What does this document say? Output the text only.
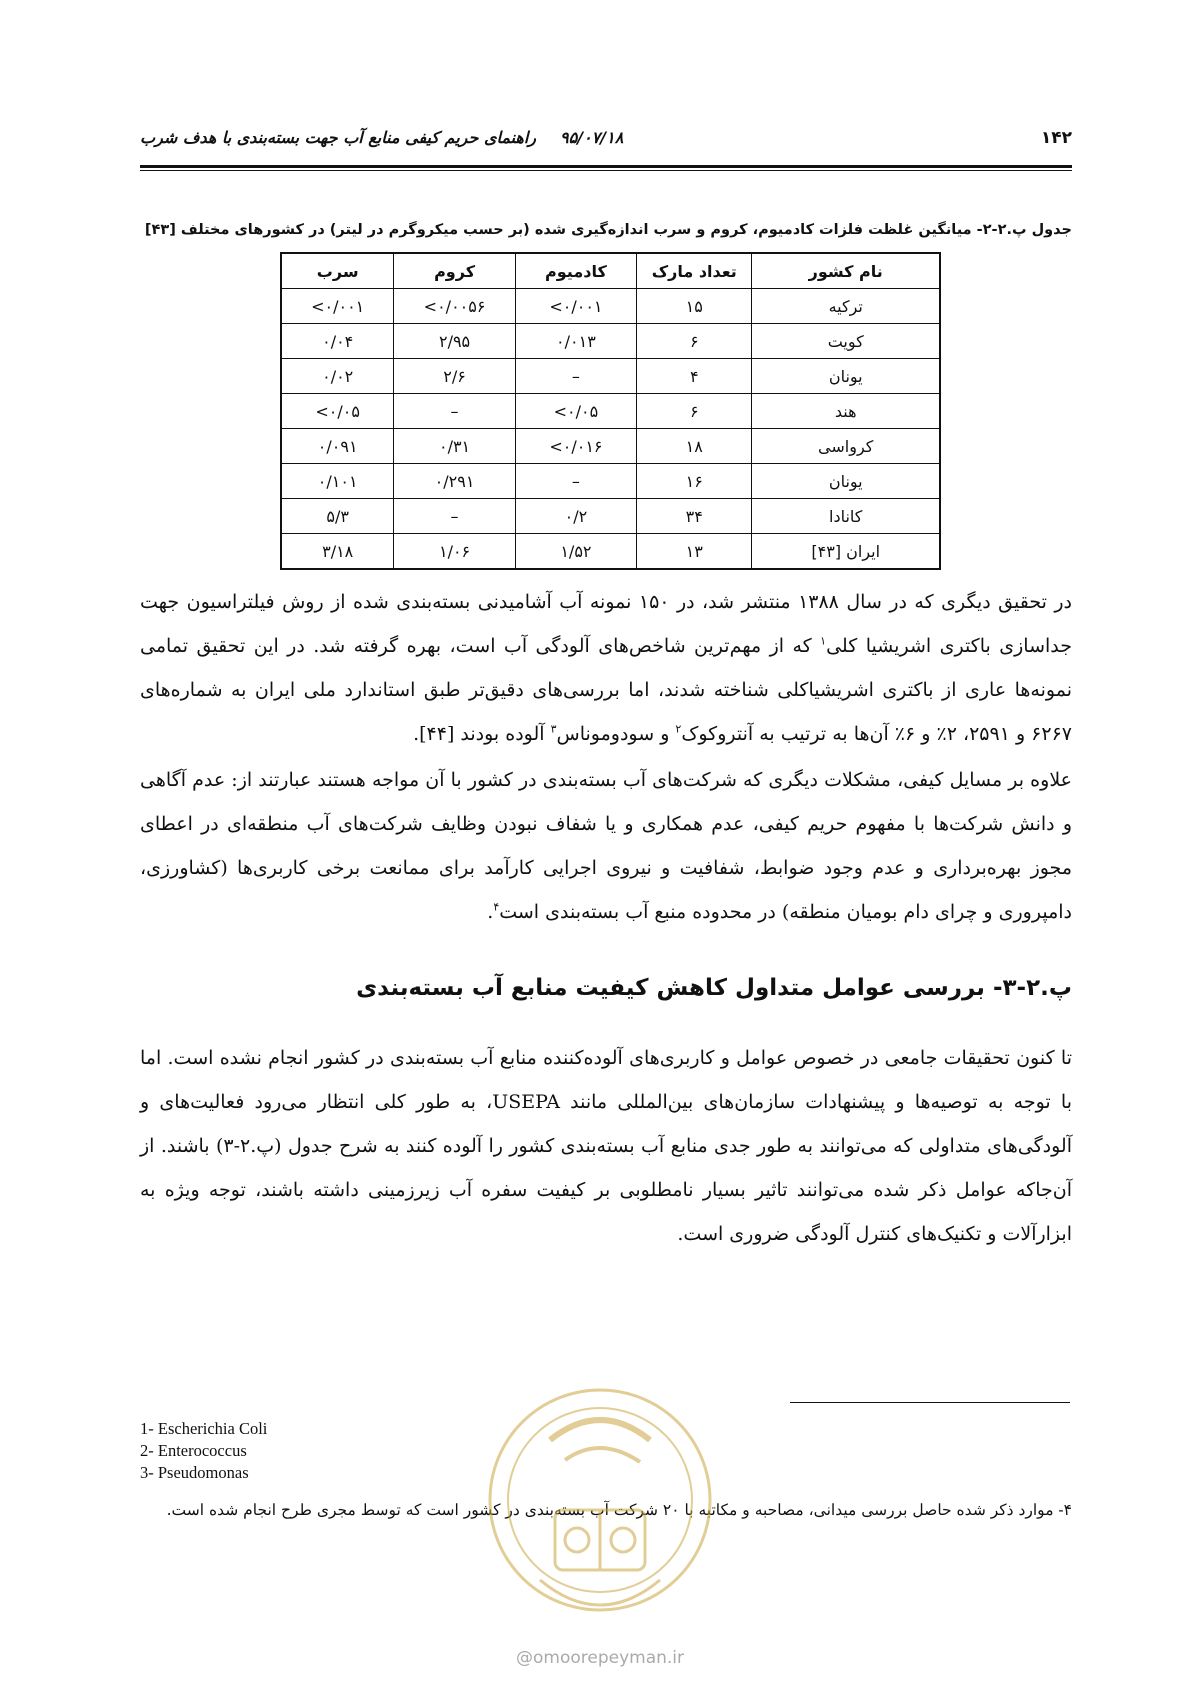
۱۴۲
۹۵/۰۷/۱۸راهنمای حریم کیفی منابع آب جهت بسته‌بندی با هدف شرب
جدول پ.۲-۲- میانگین غلظت فلزات کادمیوم، کروم و سرب اندازه‌گیری شده (بر حسب میکروگرم در لیتر) در کشورهای مختلف [۴۳]
نام کشور	تعداد مارک	کادمیوم	کروم	سرب
ترکیه	۱۵	<۰/۰۰۱	<۰/۰۰۵۶	<۰/۰۰۱
کویت	۶	۰/۰۱۳	۲/۹۵	۰/۰۴
یونان	۴	–	۲/۶	۰/۰۲
هند	۶	<۰/۰۵	–	<۰/۰۵
کرواسی	۱۸	<۰/۰۱۶	۰/۳۱	۰/۰۹۱
یونان	۱۶	–	۰/۲۹۱	۰/۱۰۱
کانادا	۳۴	۰/۲	–	۵/۳
ایران [۴۳]	۱۳	۱/۵۲	۱/۰۶	۳/۱۸

در تحقیق دیگری که در سال ۱۳۸۸ منتشر شد، در ۱۵۰ نمونه آب آشامیدنی بسته‌بندی شده از روش فیلتراسیون جهت جداسازی باکتری اشریشیا کلی$^۱$ که از مهم‌ترین شاخص‌های آلودگی آب است، بهره گرفته شد. در این تحقیق تمامی نمونه‌ها عاری از باکتری اشریشیاکلی شناخته شدند، اما بررسی‌های دقیق‌تر طبق استاندارد ملی ایران به شماره‌های ۶۲۶۷ و ۲۵۹۱، ۲٪ و ۶٪ آن‌ها به ترتیب به آنتروکوک$^۲$ و سودوموناس$^۳$ آلوده بودند [۴۴].

علاوه بر مسایل کیفی، مشکلات دیگری که شرکت‌های آب بسته‌بندی در کشور با آن مواجه هستند عبارتند از: عدم آگاهی و دانش شرکت‌ها با مفهوم حریم کیفی، عدم همکاری و یا شفاف نبودن وظایف شرکت‌های آب منطقه‌ای در اعطای مجوز بهره‌برداری و عدم وجود ضوابط، شفافیت و نیروی اجرایی کارآمد برای ممانعت برخی کاربری‌ها (کشاورزی، دامپروری و چرای دام بومیان منطقه) در محدوده منبع آب بسته‌بندی است$^۴$.

پ.۲-۳- بررسی عوامل متداول کاهش کیفیت منابع آب بسته‌بندی

تا کنون تحقیقات جامعی در خصوص عوامل و کاربری‌های آلوده‌کننده منابع آب بسته‌بندی در کشور انجام نشده است. اما با توجه به توصیه‌ها و پیشنهادات سازمان‌های بین‌المللی مانند USEPA، به طور کلی انتظار می‌رود فعالیت‌های و آلودگی‌های متداولی که می‌توانند به طور جدی منابع آب بسته‌بندی کشور را آلوده کنند به شرح جدول (پ.۲-۳) باشند. از آن‌جاکه عوامل ذکر شده می‌توانند تاثیر بسیار نامطلوبی بر کیفیت سفره آب زیرزمینی داشته باشند، توجه ویژه به ابزارآلات و تکنیک‌های کنترل آلودگی ضروری است.

1- Escherichia Coli
2- Enterococcus
3- Pseudomonas
۴- موارد ذکر شده حاصل بررسی میدانی، مصاحبه و مکاتبه با ۲۰ شرکت آب بسته‌بندی در کشور است که توسط مجری طرح انجام شده است.
@omoorepeyman.ir
